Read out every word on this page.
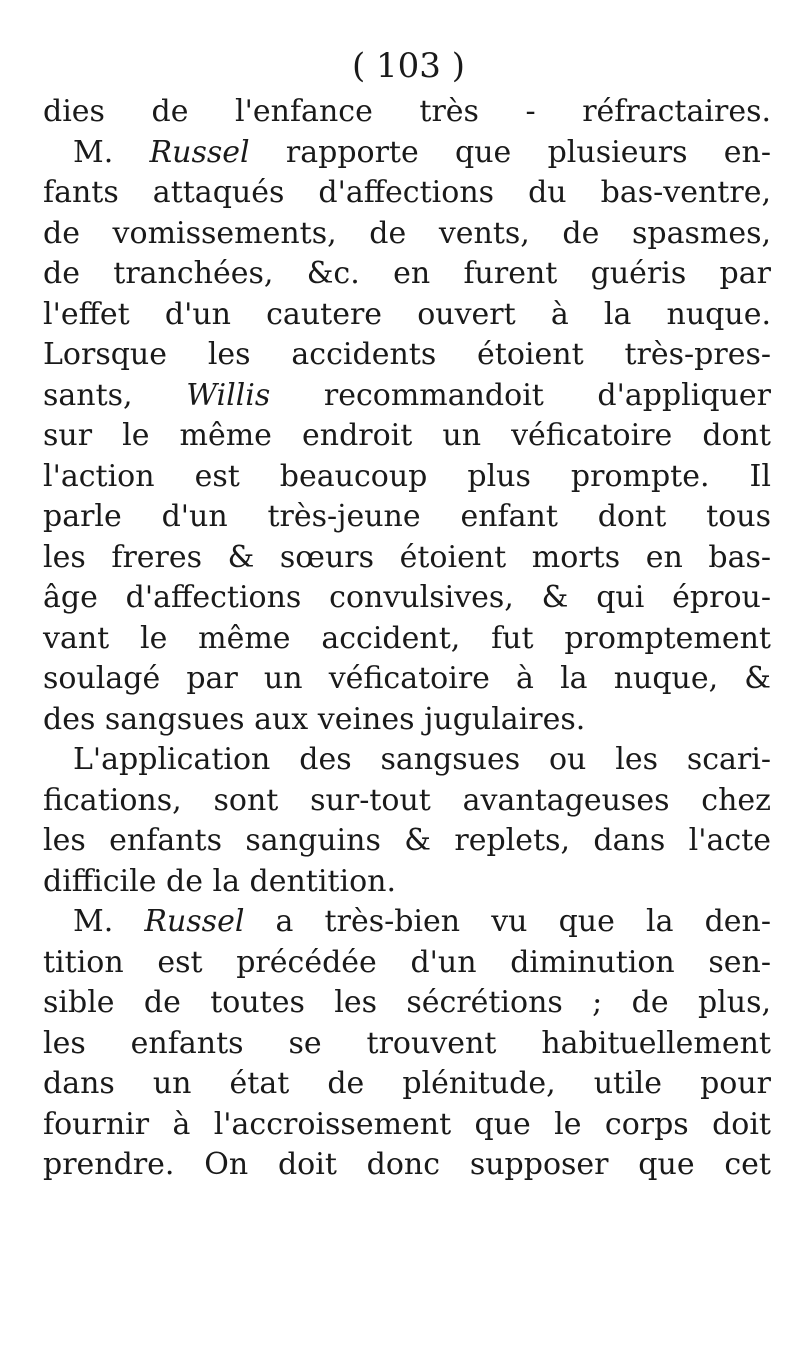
( 103 )
dies de l'enfance très - réfractaires.
M. Russel rapporte que plusieurs en-
fants attaqués d'affections du bas-ventre,
de vomissements, de vents, de spasmes,
de tranchées, &c. en furent guéris par
l'effet d'un cautere ouvert à la nuque.
Lorsque les accidents étoient très-pres-
sants, Willis recommandoit d'appliquer
sur le même endroit un véficatoire dont
l'action est beaucoup plus prompte. Il
parle d'un très-jeune enfant dont tous
les freres & sœurs étoient morts en bas-
âge d'affections convulsives, & qui éprou-
vant le même accident, fut promptement
soulagé par un véficatoire à la nuque, &
des sangsues aux veines jugulaires.
L'application des sangsues ou les scari-
fications, sont sur-tout avantageuses chez
les enfants sanguins & replets, dans l'acte
difficile de la dentition.
M. Russel a très-bien vu que la den-
tition est précédée d'un diminution sen-
sible de toutes les sécrétions ; de plus,
les enfants se trouvent habituellement
dans un état de plénitude, utile pour
fournir à l'accroissement que le corps doit
prendre. On doit donc supposer que cet
